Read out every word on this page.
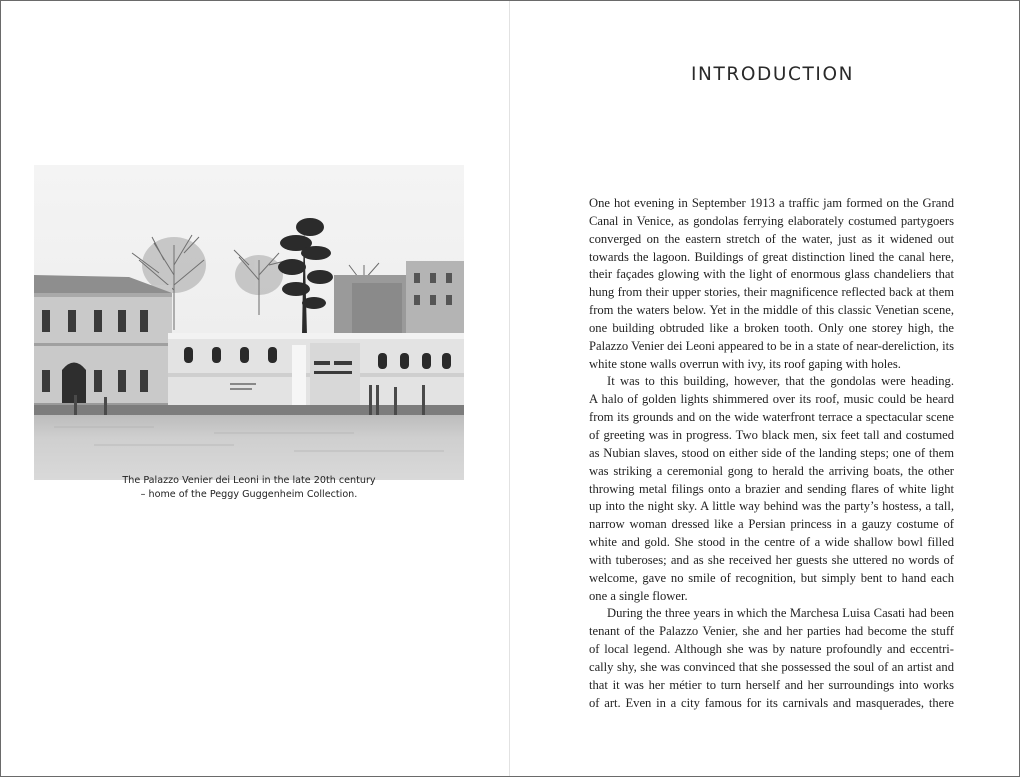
The Palazzo Venier dei Leoni in the late 20th century
– home of the Peggy Guggenheim Collection.
INTRODUCTION
One hot evening in September 1913 a traffic jam formed on the Grand
Canal in Venice, as gondolas ferrying elaborately costumed partygoers
converged on the eastern stretch of the water, just as it widened out
towards the lagoon. Buildings of great distinction lined the canal here,
their façades glowing with the light of enormous glass chandeliers that
hung from their upper stories, their magnificence reflected back at them
from the waters below. Yet in the middle of this classic Venetian scene,
one building obtruded like a broken tooth. Only one storey high, the
Palazzo Venier dei Leoni appeared to be in a state of near-dereliction, its
white stone walls overrun with ivy, its roof gaping with holes.
It was to this building, however, that the gondolas were heading.
A halo of golden lights shimmered over its roof, music could be heard
from its grounds and on the wide waterfront terrace a spectacular scene
of greeting was in progress. Two black men, six feet tall and costumed
as Nubian slaves, stood on either side of the landing steps; one of them
was striking a ceremonial gong to herald the arriving boats, the other
throwing metal filings onto a brazier and sending flares of white light
up into the night sky. A little way behind was the party’s hostess, a tall,
narrow woman dressed like a Persian princess in a gauzy costume of
white and gold. She stood in the centre of a wide shallow bowl filled
with tuberoses; and as she received her guests she uttered no words of
welcome, gave no smile of recognition, but simply bent to hand each
one a single flower.
During the three years in which the Marchesa Luisa Casati had been
tenant of the Palazzo Venier, she and her parties had become the stuff
of local legend. Although she was by nature profoundly and eccentri-
cally shy, she was convinced that she possessed the soul of an artist and
that it was her métier to turn herself and her surroundings into works
of art. Even in a city famous for its carnivals and masquerades, there
